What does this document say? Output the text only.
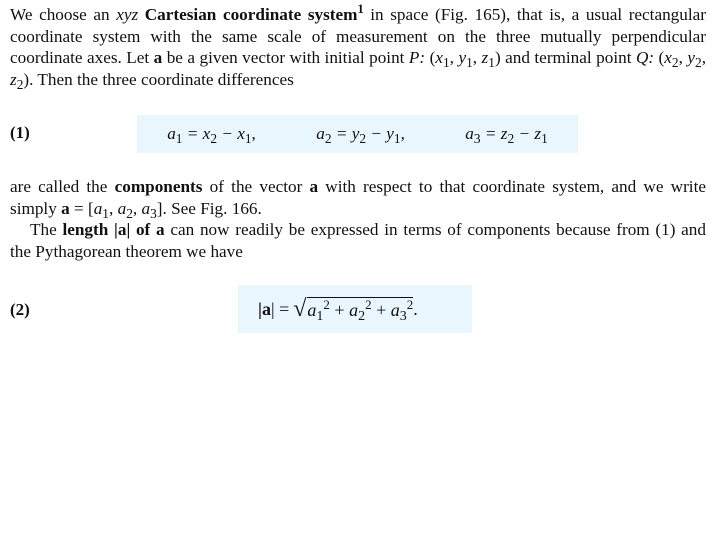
We choose an xyz Cartesian coordinate system$^1$ in space (Fig. 165), that is, a usual rectangular coordinate system with the same scale of measurement on the three mutually perpendicular coordinate axes. Let a be a given vector with initial point P: ($x_1$, $y_1$, $z_1$) and terminal point Q: ($x_2$, $y_2$, $z_2$). Then the three coordinate differences

(1)	$a_1 = x_2 - x_1$,	$a_2 = y_2 - y_1$,	$a_3 = z_2 - z_1$

are called the components of the vector a with respect to that coordinate system, and we write simply $a = [a_1$, $a_2$, $a_3$]. See Fig. 166.
The length |a| of a can now readily be expressed in terms of components because from (1) and the Pythagorean theorem we have

(2)	| a | = √ $a_1^2 + a_2^2 + a_3^2$ .
